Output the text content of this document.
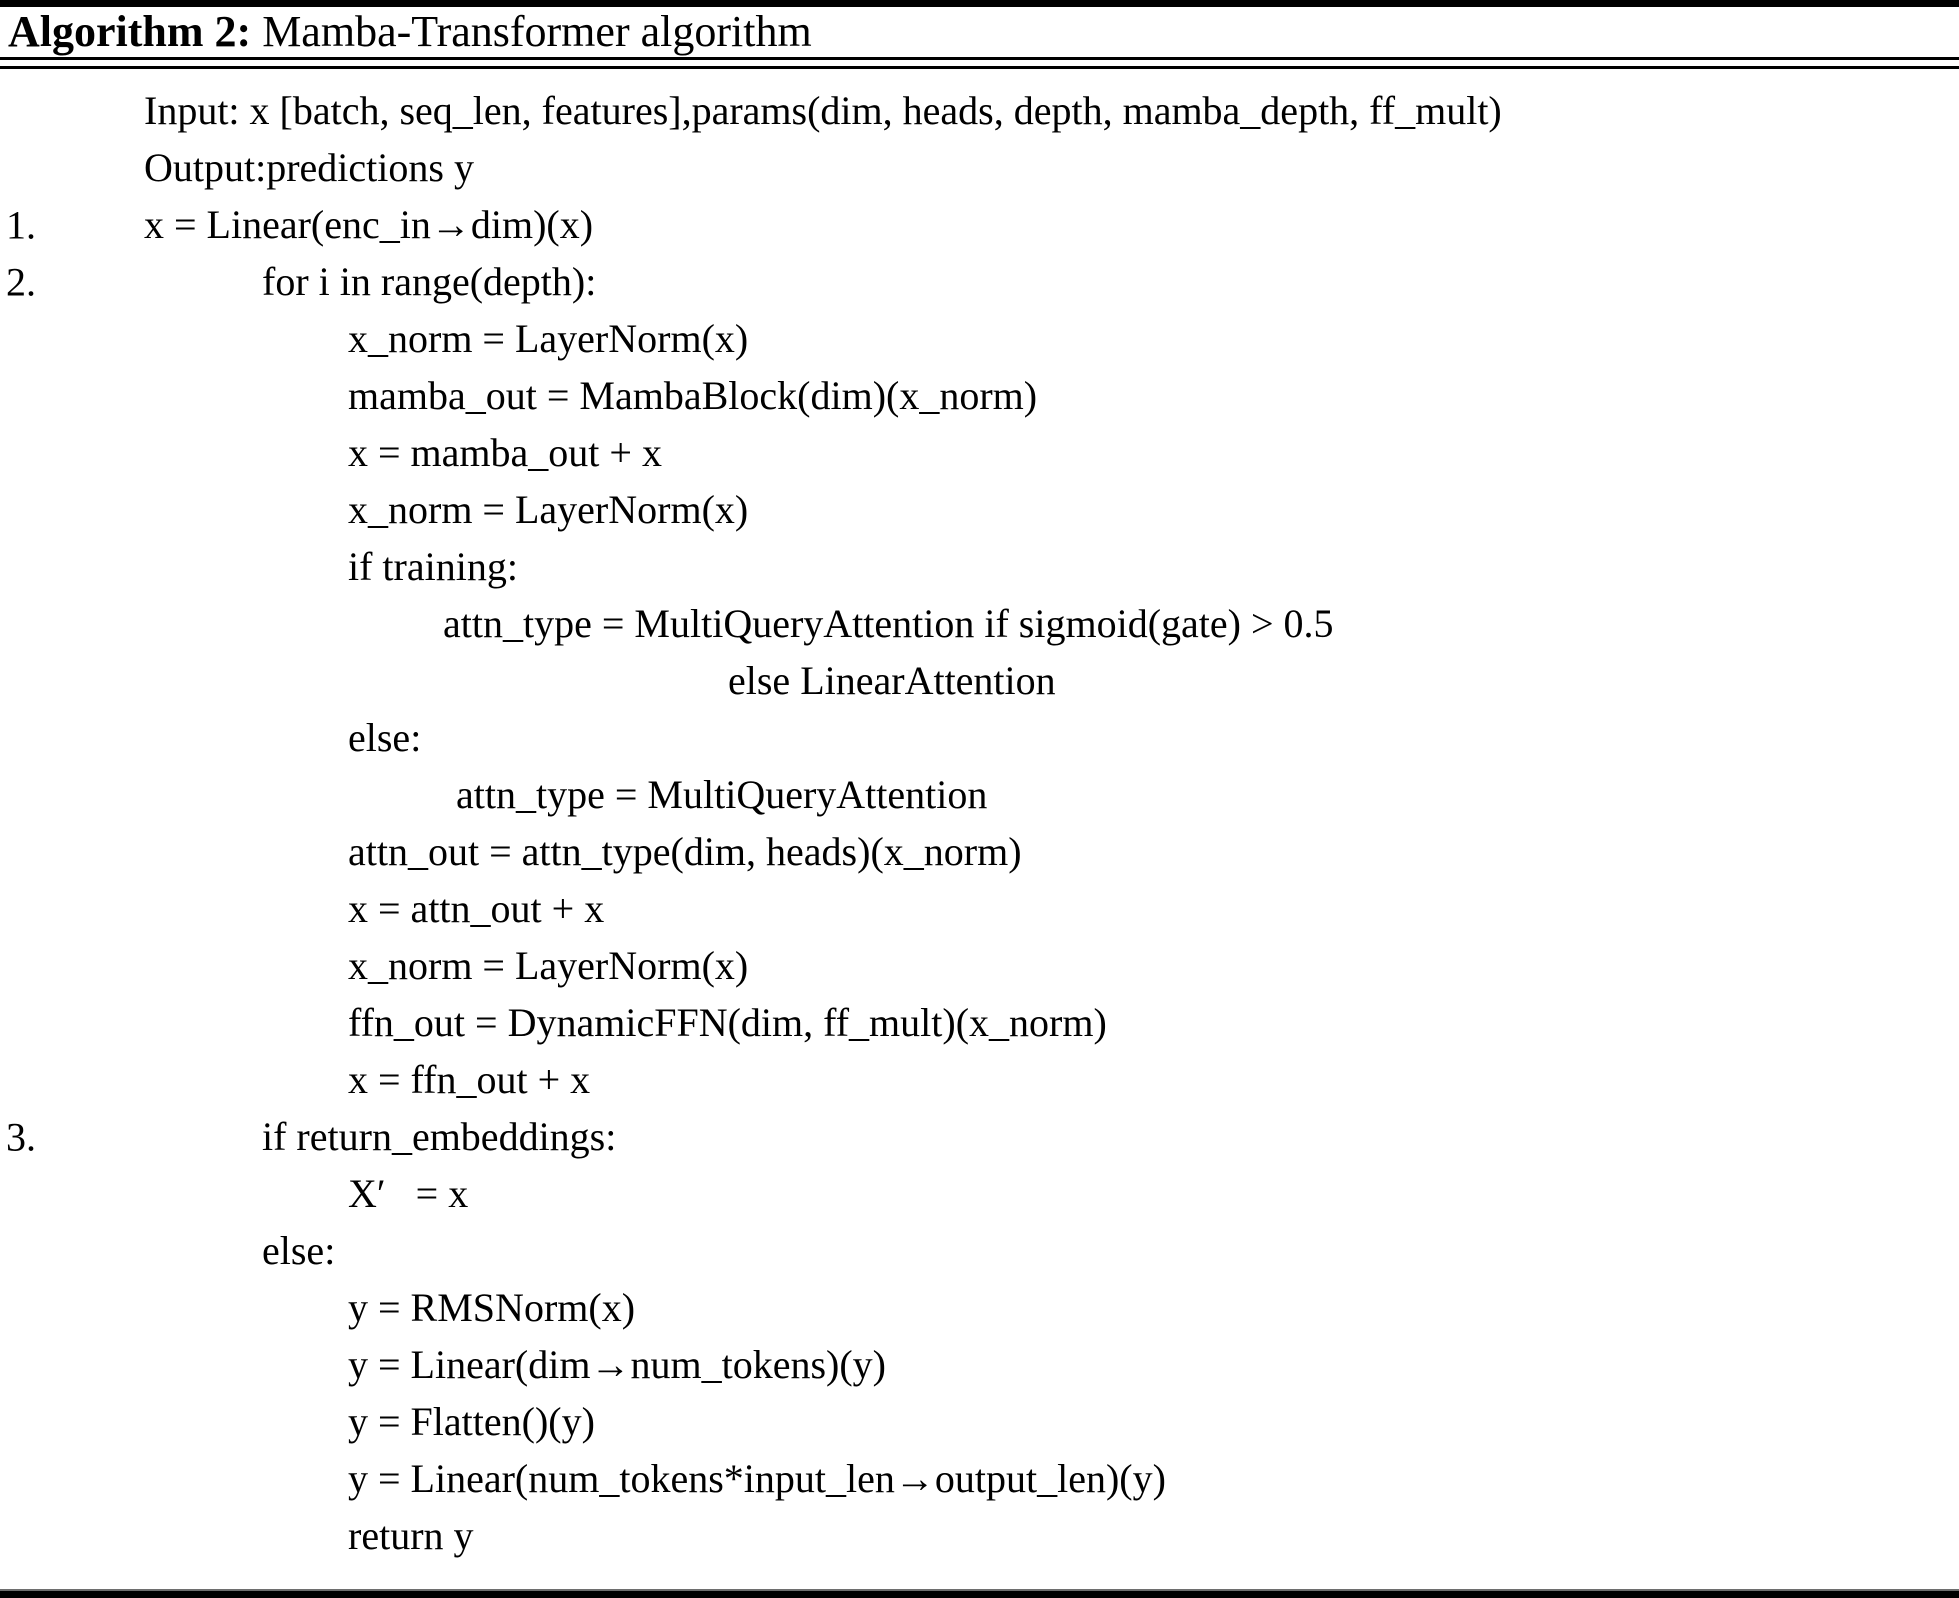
Algorithm 2: Mamba-Transformer algorithm
Input: x [batch, seq_len, features],params(dim, heads, depth, mamba_depth, ff_mult)
Output:predictions y
1.	x = Linear(enc_in→dim)(x)
2.	for i in range(depth):
x_norm = LayerNorm(x)
mamba_out = MambaBlock(dim)(x_norm)
x = mamba_out + x
x_norm = LayerNorm(x)
if training:
attn_type = MultiQueryAttention if sigmoid(gate) > 0.5
else LinearAttention
else:
attn_type = MultiQueryAttention
attn_out = attn_type(dim, heads)(x_norm)
x = attn_out + x
x_norm = LayerNorm(x)
ffn_out = DynamicFFN(dim, ff_mult)(x_norm)
x = ffn_out + x
3.	if return_embeddings:
X′   = x
else:
y = RMSNorm(x)
y = Linear(dim→num_tokens)(y)
y = Flatten()(y)
y = Linear(num_tokens*input_len→output_len)(y)
return y
